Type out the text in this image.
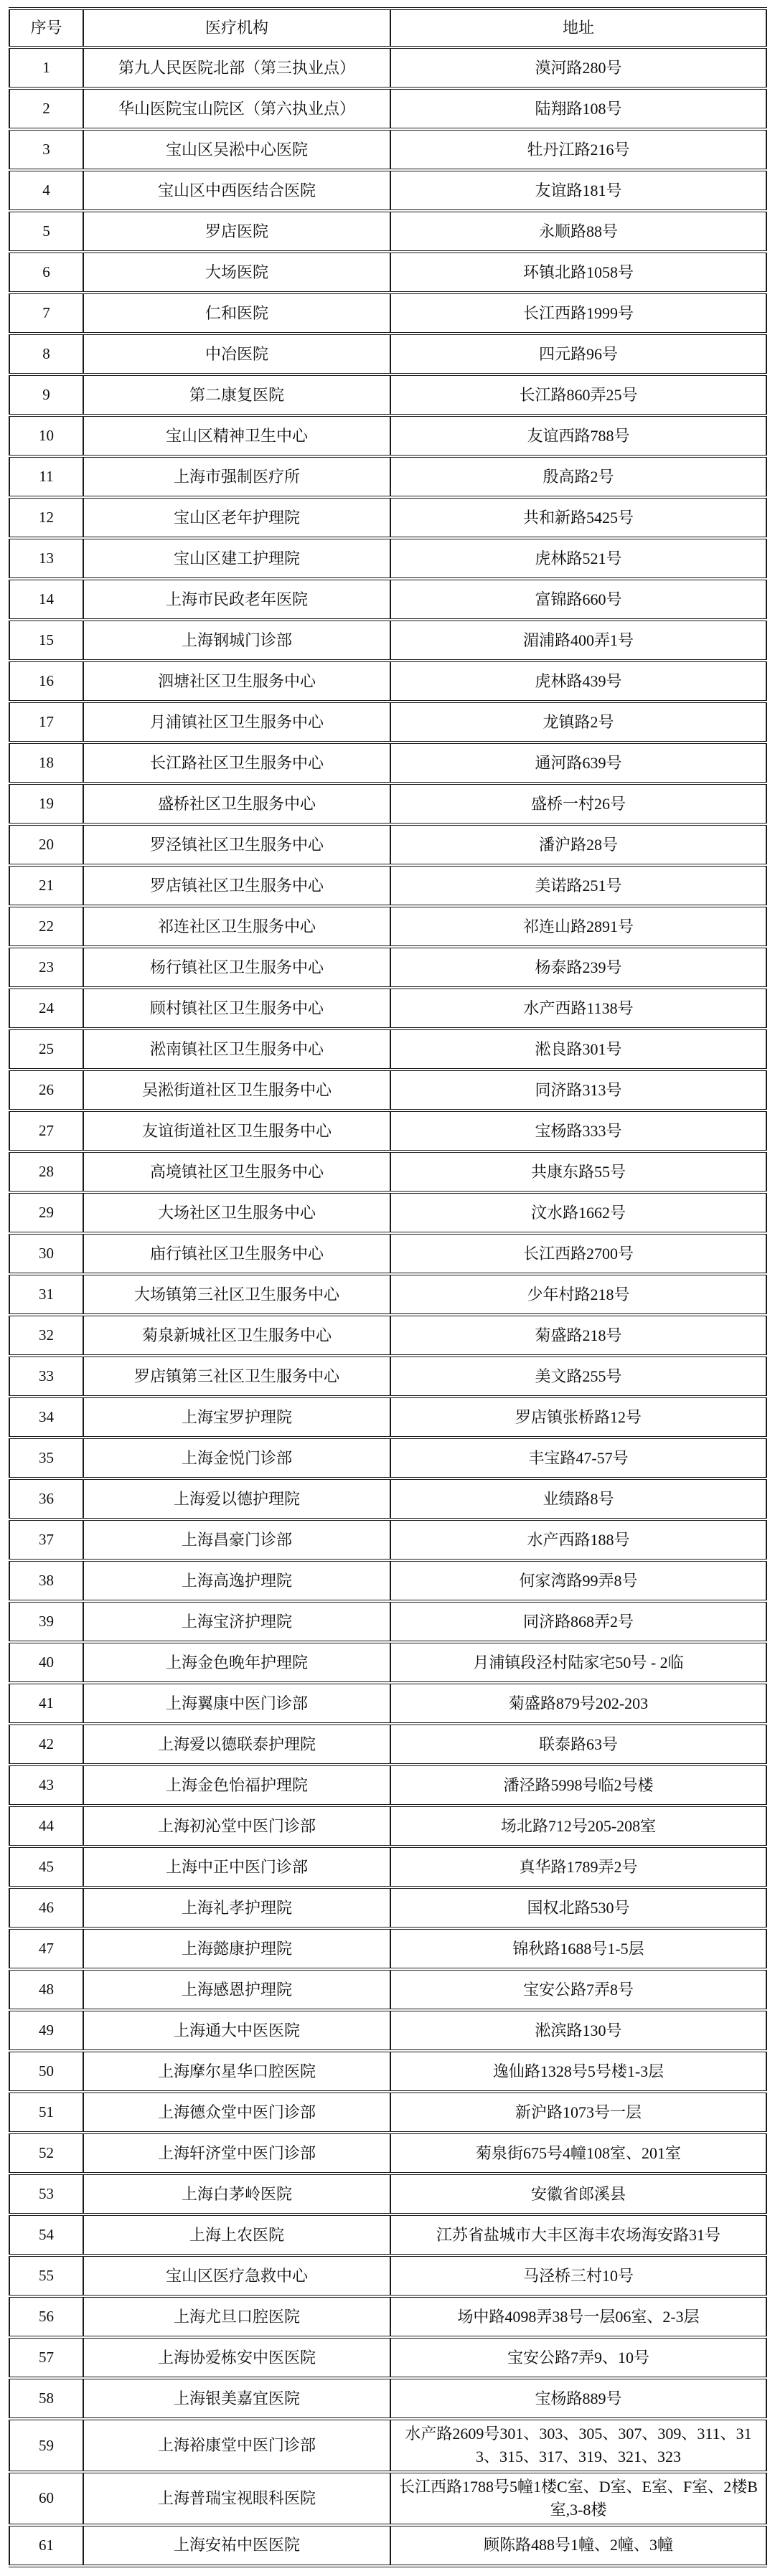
序号	医疗机构	地址
1	第九人民医院北部（第三执业点）	漠河路280号
2	华山医院宝山院区（第六执业点）	陆翔路108号
3	宝山区吴淞中心医院	牡丹江路216号
4	宝山区中西医结合医院	友谊路181号
5	罗店医院	永顺路88号
6	大场医院	环镇北路1058号
7	仁和医院	长江西路1999号
8	中冶医院	四元路96号
9	第二康复医院	长江路860弄25号
10	宝山区精神卫生中心	友谊西路788号
11	上海市强制医疗所	殷高路2号
12	宝山区老年护理院	共和新路5425号
13	宝山区建工护理院	虎林路521号
14	上海市民政老年医院	富锦路660号
15	上海钢城门诊部	湄浦路400弄1号
16	泗塘社区卫生服务中心	虎林路439号
17	月浦镇社区卫生服务中心	龙镇路2号
18	长江路社区卫生服务中心	通河路639号
19	盛桥社区卫生服务中心	盛桥一村26号
20	罗泾镇社区卫生服务中心	潘沪路28号
21	罗店镇社区卫生服务中心	美诺路251号
22	祁连社区卫生服务中心	祁连山路2891号
23	杨行镇社区卫生服务中心	杨泰路239号
24	顾村镇社区卫生服务中心	水产西路1138号
25	淞南镇社区卫生服务中心	淞良路301号
26	吴淞街道社区卫生服务中心	同济路313号
27	友谊街道社区卫生服务中心	宝杨路333号
28	高境镇社区卫生服务中心	共康东路55号
29	大场社区卫生服务中心	汶水路1662号
30	庙行镇社区卫生服务中心	长江西路2700号
31	大场镇第三社区卫生服务中心	少年村路218号
32	菊泉新城社区卫生服务中心	菊盛路218号
33	罗店镇第三社区卫生服务中心	美文路255号
34	上海宝罗护理院	罗店镇张桥路12号
35	上海金悦门诊部	丰宝路47-57号
36	上海爱以德护理院	业绩路8号
37	上海昌豪门诊部	水产西路188号
38	上海高逸护理院	何家湾路99弄8号
39	上海宝济护理院	同济路868弄2号
40	上海金色晚年护理院	月浦镇段泾村陆家宅50号 - 2临
41	上海翼康中医门诊部	菊盛路879号202-203
42	上海爱以德联泰护理院	联泰路63号
43	上海金色怡福护理院	潘泾路5998号临2号楼
44	上海初沁堂中医门诊部	场北路712号205-208室
45	上海中正中医门诊部	真华路1789弄2号
46	上海礼孝护理院	国权北路530号
47	上海懿康护理院	锦秋路1688号1-5层
48	上海感恩护理院	宝安公路7弄8号
49	上海通大中医医院	淞滨路130号
50	上海摩尔星华口腔医院	逸仙路1328号5号楼1-3层
51	上海德众堂中医门诊部	新沪路1073号一层
52	上海轩济堂中医门诊部	菊泉街675号4幢108室、201室
53	上海白茅岭医院	安徽省郎溪县
54	上海上农医院	江苏省盐城市大丰区海丰农场海安路31号
55	宝山区医疗急救中心	马泾桥三村10号
56	上海尤旦口腔医院	场中路4098弄38号一层06室、2-3层
57	上海协爱栋安中医医院	宝安公路7弄9、10号
58	上海银美嘉宜医院	宝杨路889号
59	上海裕康堂中医门诊部	水产路2609号301、303、305、307、309、311、313、315、317、319、321、323
60	上海普瑞宝视眼科医院	长江西路1788号5幢1楼C室、D室、E室、F室、2楼B室,3-8楼
61	上海安祐中医医院	顾陈路488号1幢、2幢、3幢
